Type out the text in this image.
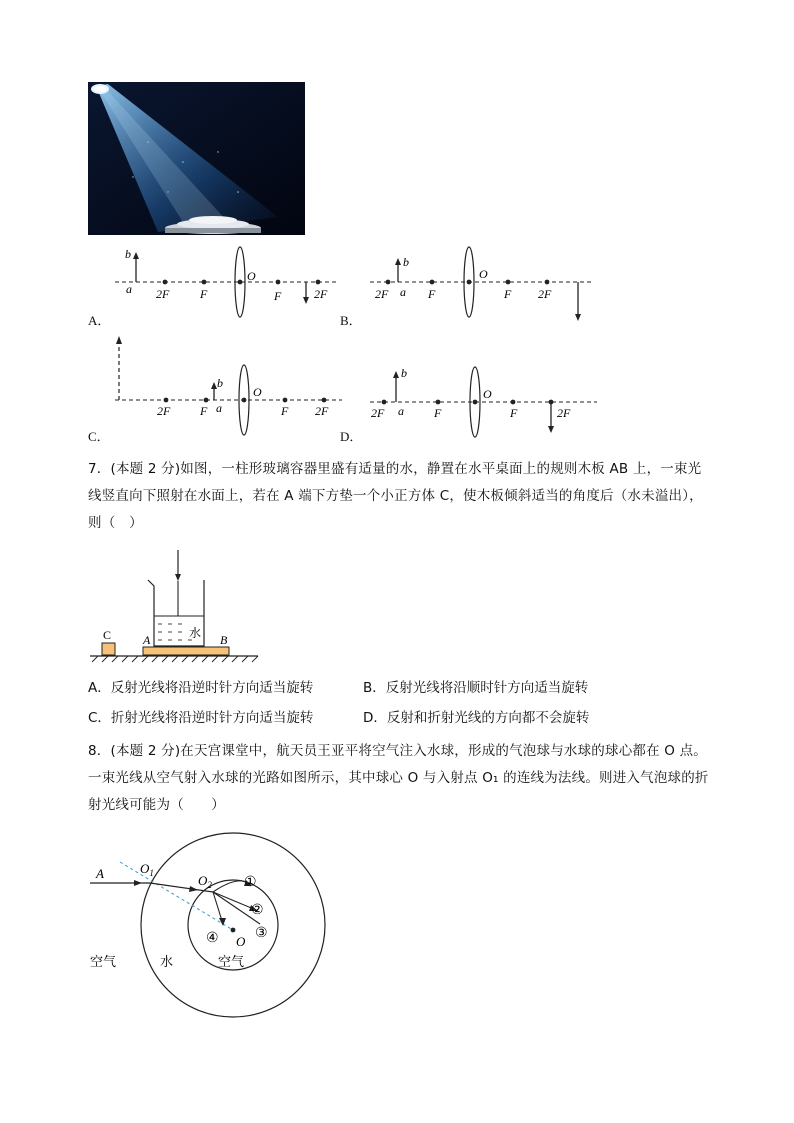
b
a 2F	F
O
F	2F
A．
2F
b
a F
O
F 2F
B．
2F F
b
a
O
F 2F
C．
2F
b
a	F
O
F	2F
D．
7．(本题 2 分)如图，一柱形玻璃容器里盛有适量的水，静置在水平桌面上的规则木板 AB 上，一束光线竖直向下照射在水面上，若在 A 端下方垫一个小正方体 C，使木板倾斜适当的角度后（水未溢出），则（　）
水
A	B
C
A．反射光线将沿逆时针方向适当旋转	B．反射光线将沿顺时针方向适当旋转
C．折射光线将沿逆时针方向适当旋转	D．反射和折射光线的方向都不会旋转
8．(本题 2 分)在天宫课堂中，航天员王亚平将空气注入水球，形成的气泡球与水球的球心都在 O 点。一束光线从空气射入水球的光路如图所示，其中球心 O 与入射点 O₁ 的连线为法线。则进入气泡球的折射光线可能为（　　）
A	$O_1$	$O_2$
O
①
②
③
④
空气	水	空气
